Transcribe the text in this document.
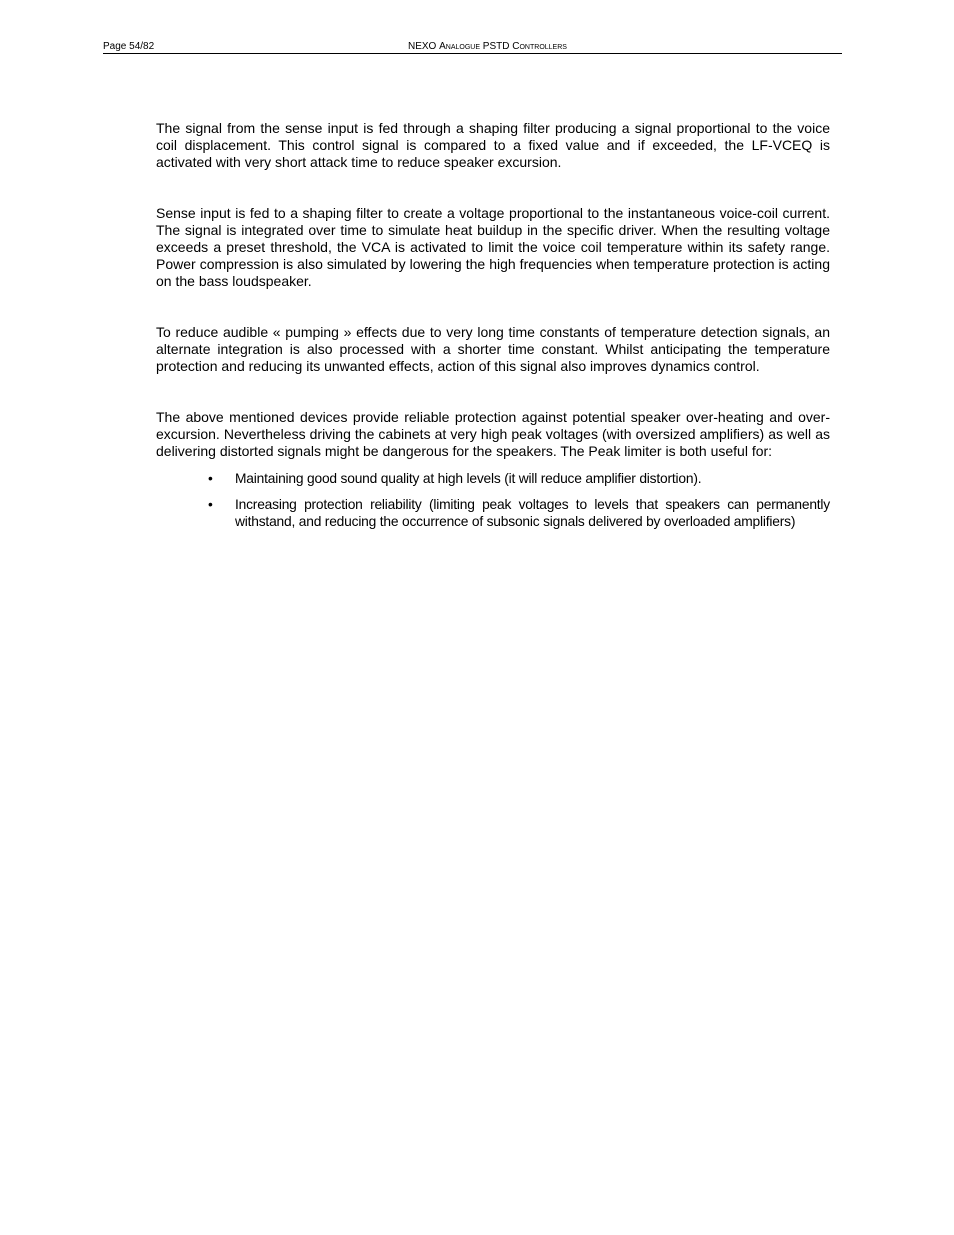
Page 54/82	NEXO Analogue PSTD Controllers

The signal from the sense input is fed through a shaping filter producing a signal proportional to the voice coil displacement. This control signal is compared to a fixed value and if exceeded, the LF-VCEQ is activated with very short attack time to reduce speaker excursion.

Sense input is fed to a shaping filter to create a voltage proportional to the instantaneous voice-coil current. The signal is integrated over time to simulate heat buildup in the specific driver. When the resulting voltage exceeds a preset threshold, the VCA is activated to limit the voice coil temperature within its safety range. Power compression is also simulated by lowering the high frequencies when temperature protection is acting on the bass loudspeaker.

To reduce audible « pumping » effects due to very long time constants of temperature detection signals, an alternate integration is also processed with a shorter time constant. Whilst anticipating the temperature protection and reducing its unwanted effects, action of this signal also improves dynamics control.

The above mentioned devices provide reliable protection against potential speaker over-heating and over-excursion. Nevertheless driving the cabinets at very high peak voltages (with oversized amplifiers) as well as delivering distorted signals might be dangerous for the speakers. The Peak limiter is both useful for:

• Maintaining good sound quality at high levels (it will reduce amplifier distortion).
• Increasing protection reliability (limiting peak voltages to levels that speakers can permanently withstand, and reducing the occurrence of subsonic signals delivered by overloaded amplifiers)
